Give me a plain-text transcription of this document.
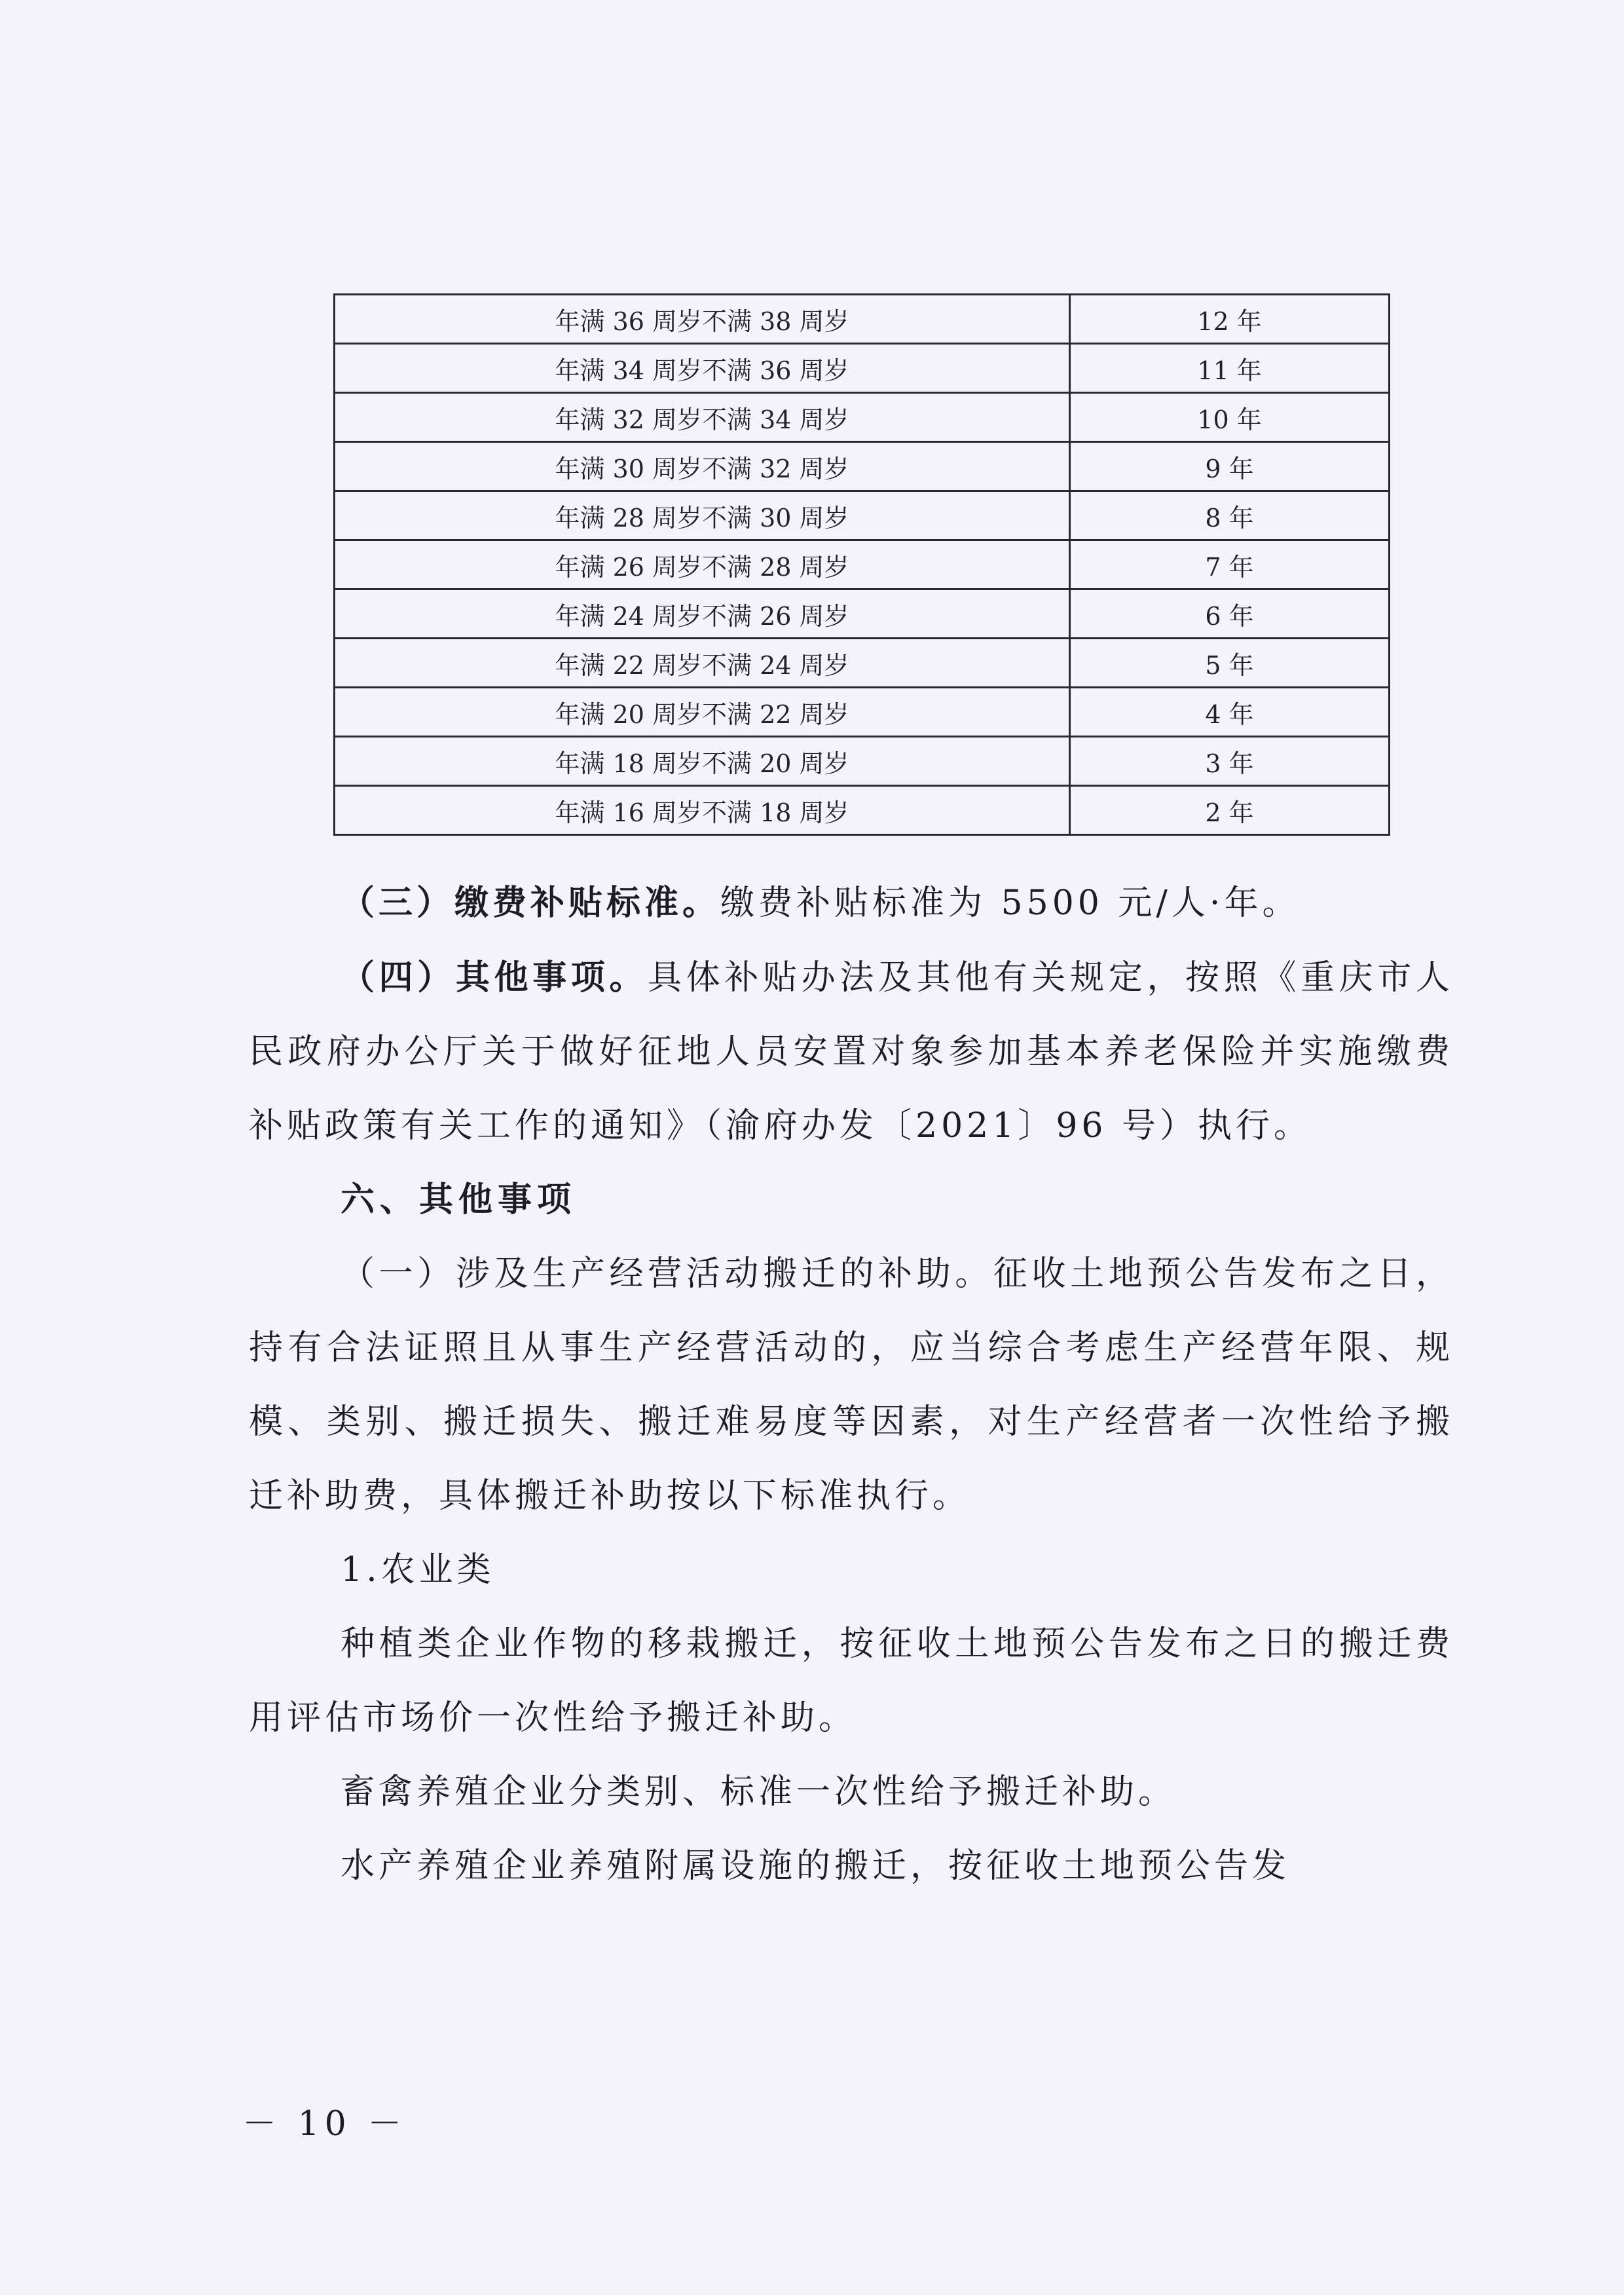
年满 36 周岁不满 38 周岁	12 年
年满 34 周岁不满 36 周岁	11 年
年满 32 周岁不满 34 周岁	10 年
年满 30 周岁不满 32 周岁	9 年
年满 28 周岁不满 30 周岁	8 年
年满 26 周岁不满 28 周岁	7 年
年满 24 周岁不满 26 周岁	6 年
年满 22 周岁不满 24 周岁	5 年
年满 20 周岁不满 22 周岁	4 年
年满 18 周岁不满 20 周岁	3 年
年满 16 周岁不满 18 周岁	2 年

（三）缴费补贴标准。缴费补贴标准为 5500 元/人·年。

（四）其他事项。具体补贴办法及其他有关规定，按照《重庆市人民政府办公厅关于做好征地人员安置对象参加基本养老保险并实施缴费补贴政策有关工作的通知》（渝府办发〔2021〕96 号）执行。

六、其他事项

（一）涉及生产经营活动搬迁的补助。征收土地预公告发布之日，持有合法证照且从事生产经营活动的，应当综合考虑生产经营年限、规模、类别、搬迁损失、搬迁难易度等因素，对生产经营者一次性给予搬迁补助费，具体搬迁补助按以下标准执行。

1.农业类

种植类企业作物的移栽搬迁，按征收土地预公告发布之日的搬迁费用评估市场价一次性给予搬迁补助。

畜禽养殖企业分类别、标准一次性给予搬迁补助。

水产养殖企业养殖附属设施的搬迁，按征收土地预公告发

－ 10 －
